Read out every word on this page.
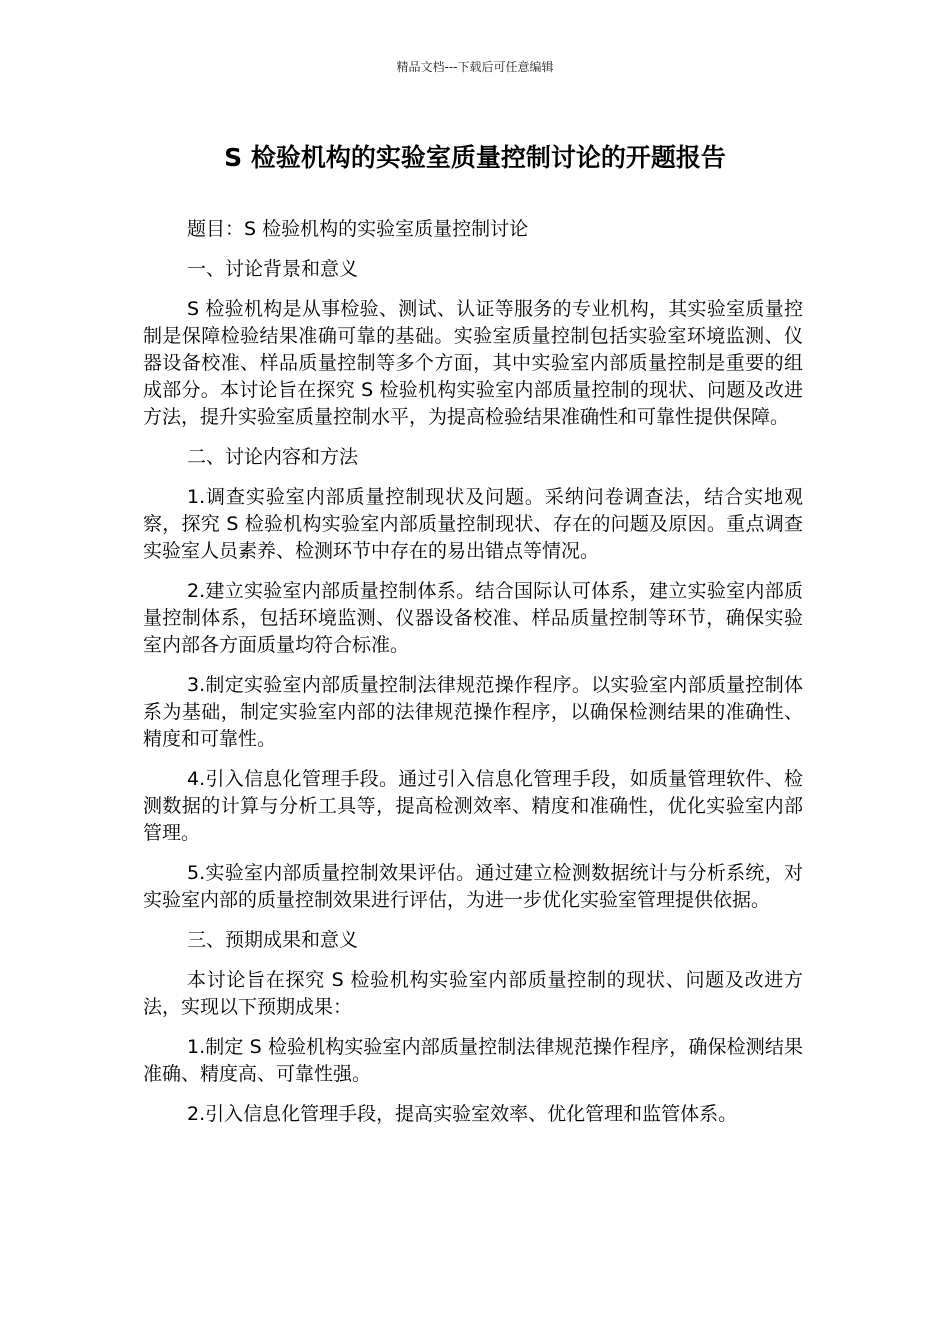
精品文档---下载后可任意编辑
S 检验机构的实验室质量控制讨论的开题报告

题目：S 检验机构的实验室质量控制讨论

一、讨论背景和意义

S 检验机构是从事检验、测试、认证等服务的专业机构，其实验室质量控制是保障检验结果准确可靠的基础。实验室质量控制包括实验室环境监测、仪器设备校准、样品质量控制等多个方面，其中实验室内部质量控制是重要的组成部分。本讨论旨在探究 S 检验机构实验室内部质量控制的现状、问题及改进方法，提升实验室质量控制水平，为提高检验结果准确性和可靠性提供保障。

二、讨论内容和方法

1.调查实验室内部质量控制现状及问题。采纳问卷调查法，结合实地观察，探究 S 检验机构实验室内部质量控制现状、存在的问题及原因。重点调查实验室人员素养、检测环节中存在的易出错点等情况。

2.建立实验室内部质量控制体系。结合国际认可体系，建立实验室内部质量控制体系，包括环境监测、仪器设备校准、样品质量控制等环节，确保实验室内部各方面质量均符合标准。

3.制定实验室内部质量控制法律规范操作程序。以实验室内部质量控制体系为基础，制定实验室内部的法律规范操作程序，以确保检测结果的准确性、精度和可靠性。

4.引入信息化管理手段。通过引入信息化管理手段，如质量管理软件、检测数据的计算与分析工具等，提高检测效率、精度和准确性，优化实验室内部管理。

5.实验室内部质量控制效果评估。通过建立检测数据统计与分析系统，对实验室内部的质量控制效果进行评估，为进一步优化实验室管理提供依据。

三、预期成果和意义

本讨论旨在探究 S 检验机构实验室内部质量控制的现状、问题及改进方法，实现以下预期成果：

1.制定 S 检验机构实验室内部质量控制法律规范操作程序，确保检测结果准确、精度高、可靠性强。

2.引入信息化管理手段，提高实验室效率、优化管理和监管体系。
